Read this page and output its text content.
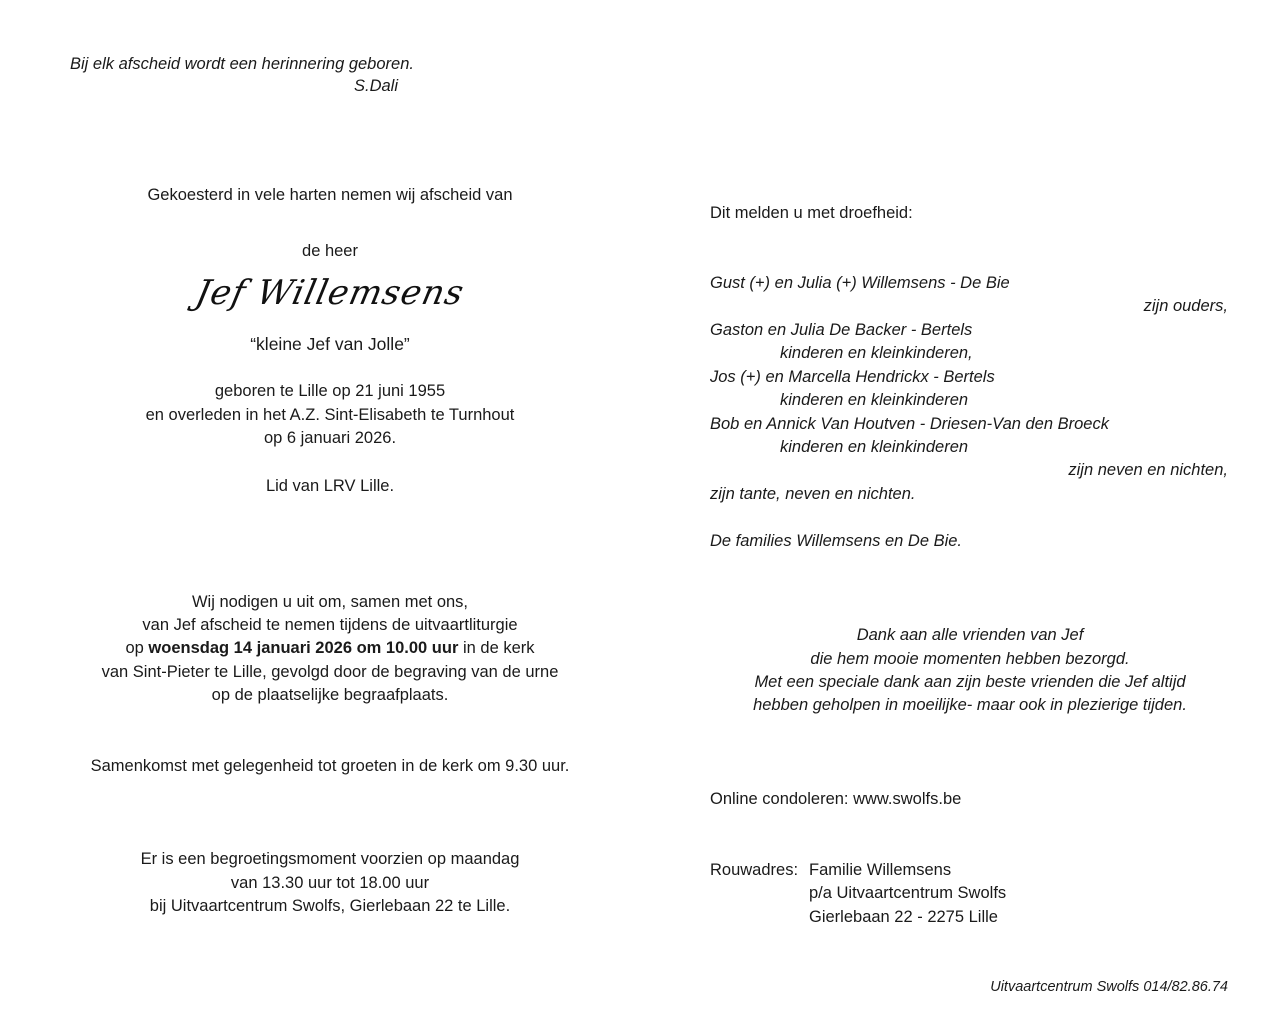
Bij elk afscheid wordt een herinnering geboren.
S.Dali
Gekoesterd in vele harten nemen wij afscheid van
de heer
Jef Willemsens
“kleine Jef van Jolle”
geboren te Lille op 21 juni 1955
en overleden in het A.Z. Sint-Elisabeth te Turnhout
op 6 januari 2026.
Lid van LRV Lille.
Wij nodigen u uit om, samen met ons,
van Jef afscheid te nemen tijdens de uitvaartliturgie
op woensdag 14 januari 2026 om 10.00 uur in de kerk
van Sint-Pieter te Lille, gevolgd door de begraving van de urne
op de plaatselijke begraafplaats.
Samenkomst met gelegenheid tot groeten in de kerk om 9.30 uur.
Er is een begroetingsmoment voorzien op maandag
van 13.30 uur tot 18.00 uur
bij Uitvaartcentrum Swolfs, Gierlebaan 22 te Lille.
Dit melden u met droefheid:
Gust (+) en Julia (+) Willemsens - De Bie
zijn ouders,
Gaston en Julia De Backer - Bertels
kinderen en kleinkinderen,
Jos (+) en Marcella Hendrickx - Bertels
kinderen en kleinkinderen
Bob en Annick Van Houtven - Driesen-Van den Broeck
kinderen en kleinkinderen
zijn neven en nichten,
zijn tante, neven en nichten.
De families Willemsens en De Bie.
Dank aan alle vrienden van Jef
die hem mooie momenten hebben bezorgd.
Met een speciale dank aan zijn beste vrienden die Jef altijd
hebben geholpen in moeilijke- maar ook in plezierige tijden.
Online condoleren: www.swolfs.be
Rouwadres: Familie Willemsens
p/a Uitvaartcentrum Swolfs
Gierlebaan 22 - 2275 Lille
Uitvaartcentrum Swolfs 014/82.86.74
